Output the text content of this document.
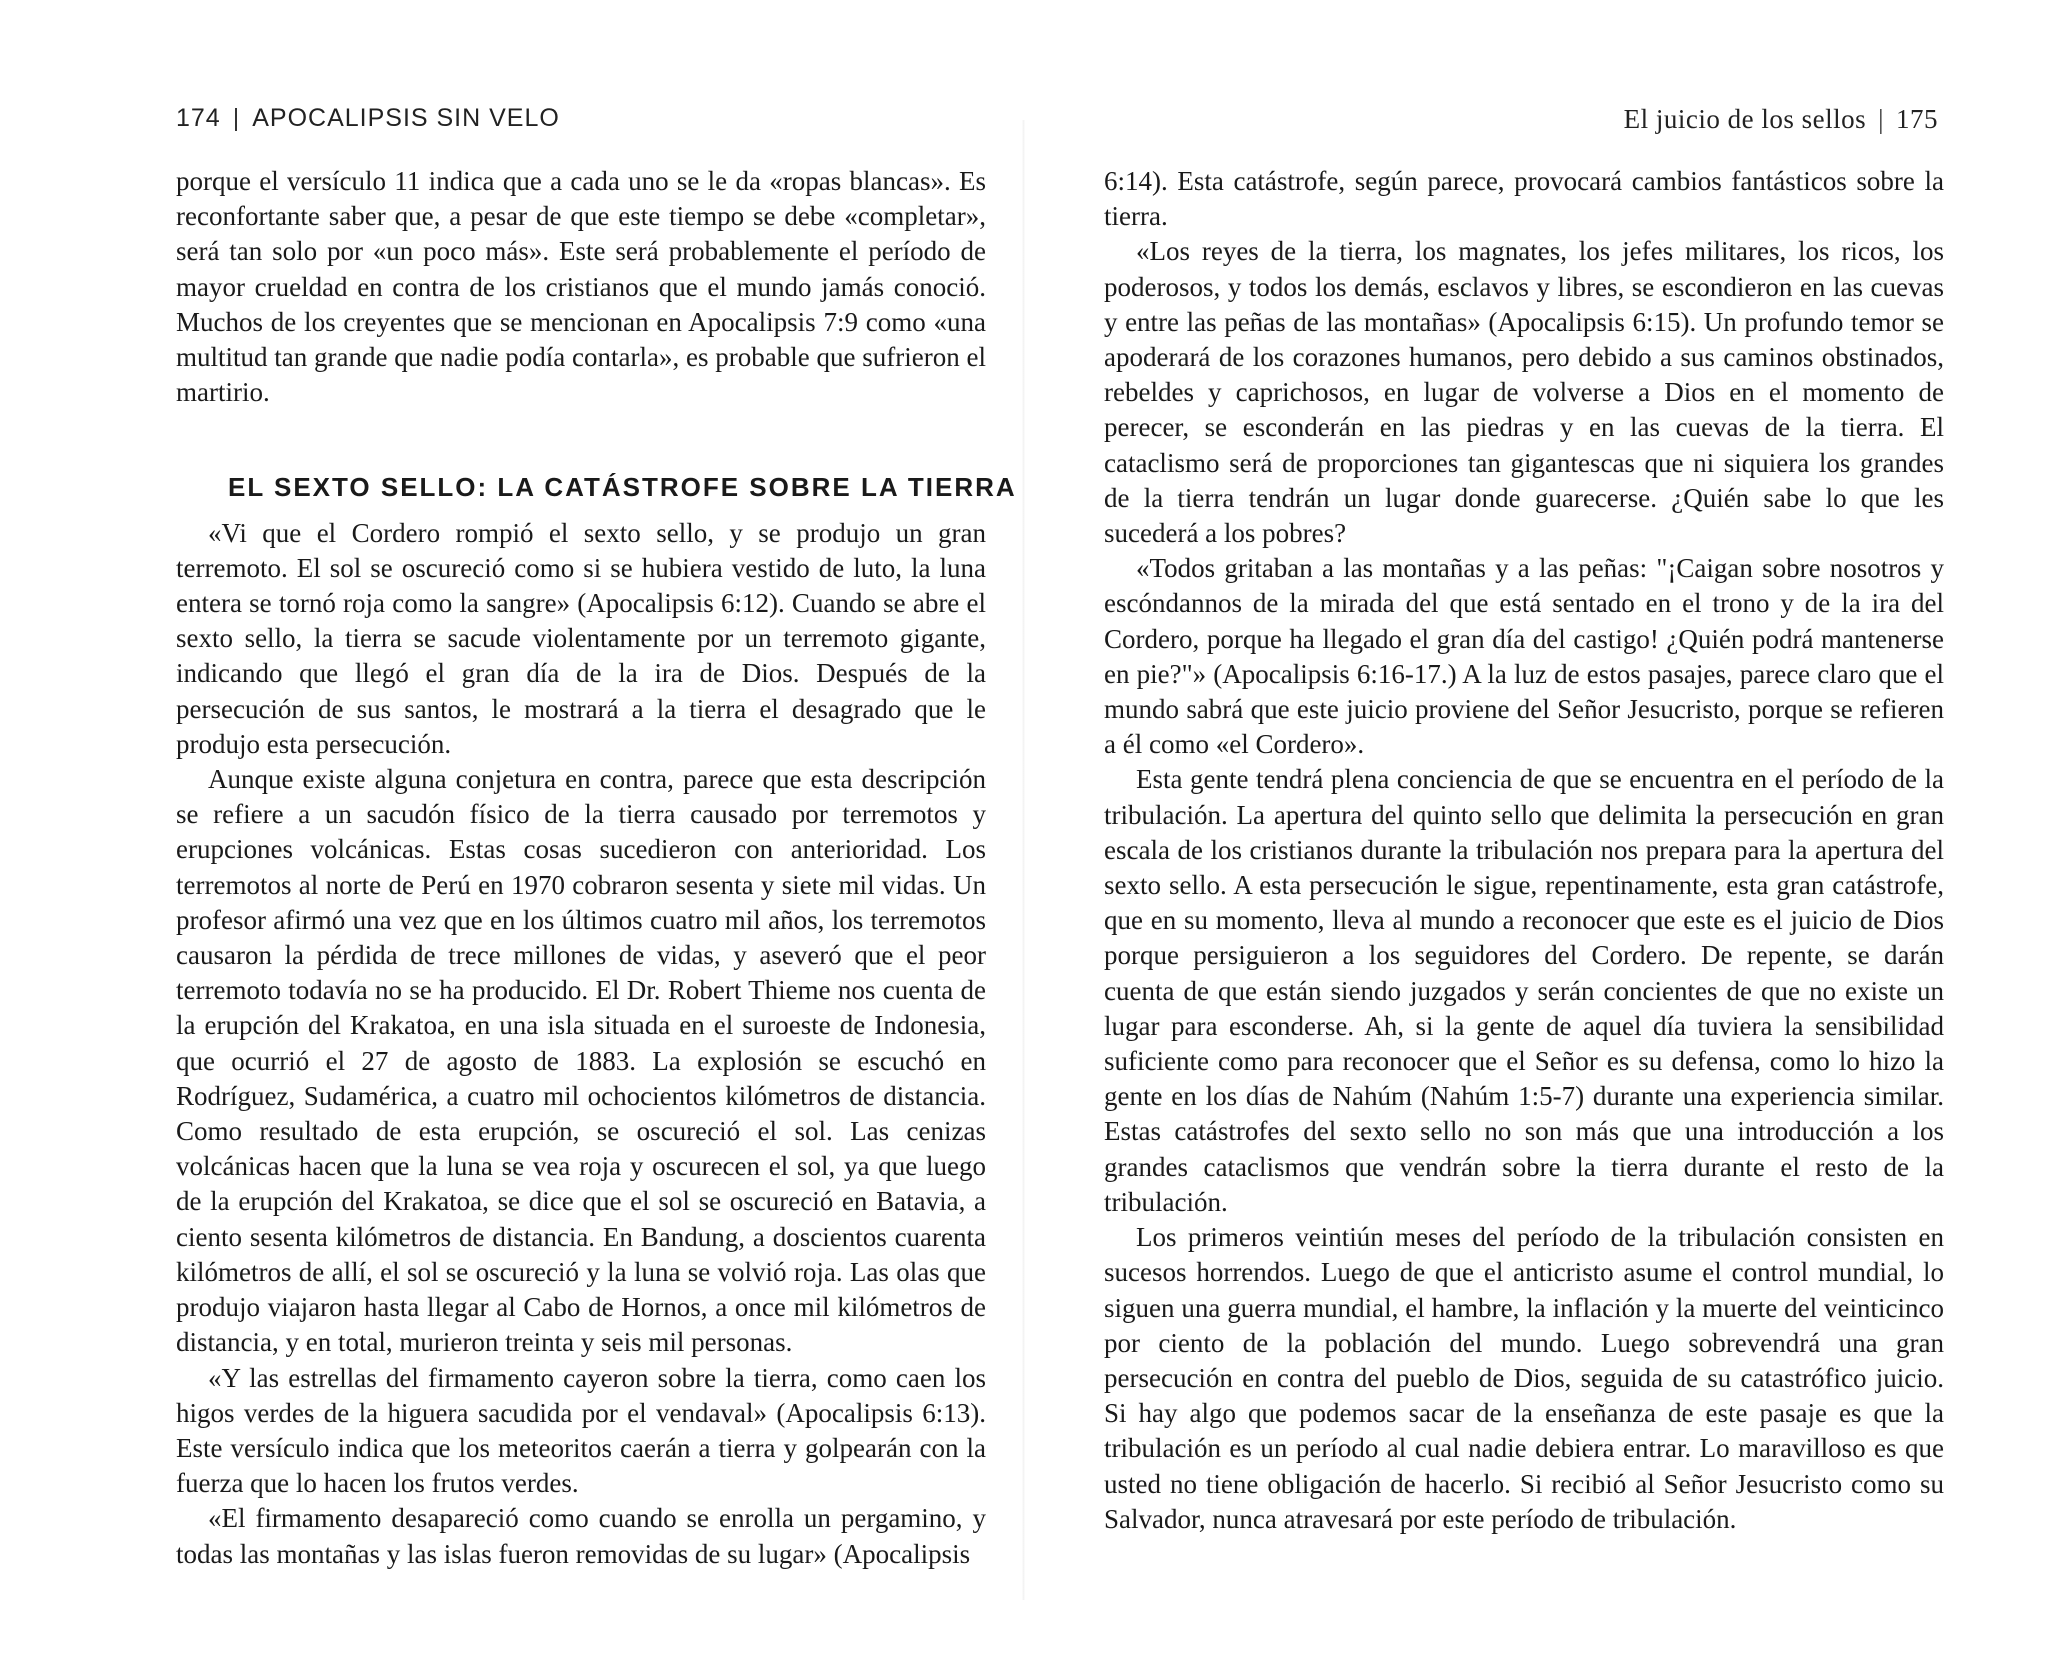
174 | APOCALIPSIS SIN VELO

porque el versículo 11 indica que a cada uno se le da «ropas blancas». Es reconfortante saber que, a pesar de que este tiempo se debe «completar», será tan solo por «un poco más». Este será probablemente el período de mayor crueldad en contra de los cristianos que el mundo jamás conoció. Muchos de los creyentes que se mencionan en Apocalipsis 7:9 como «una multitud tan grande que nadie podía contarla», es probable que sufrieron el martirio.

EL SEXTO SELLO: LA CATÁSTROFE SOBRE LA TIERRA

«Vi que el Cordero rompió el sexto sello, y se produjo un gran terremoto. El sol se oscureció como si se hubiera vestido de luto, la luna entera se tornó roja como la sangre» (Apocalipsis 6:12). Cuando se abre el sexto sello, la tierra se sacude violentamente por un terremoto gigante, indicando que llegó el gran día de la ira de Dios. Después de la persecución de sus santos, le mostrará a la tierra el desagrado que le produjo esta persecución.

Aunque existe alguna conjetura en contra, parece que esta descripción se refiere a un sacudón físico de la tierra causado por terremotos y erupciones volcánicas. Estas cosas sucedieron con anterioridad. Los terremotos al norte de Perú en 1970 cobraron sesenta y siete mil vidas. Un profesor afirmó una vez que en los últimos cuatro mil años, los terremotos causaron la pérdida de trece millones de vidas, y aseveró que el peor terremoto todavía no se ha producido. El Dr. Robert Thieme nos cuenta de la erupción del Krakatoa, en una isla situada en el suroeste de Indonesia, que ocurrió el 27 de agosto de 1883. La explosión se escuchó en Rodríguez, Sudamérica, a cuatro mil ochocientos kilómetros de distancia. Como resultado de esta erupción, se oscureció el sol. Las cenizas volcánicas hacen que la luna se vea roja y oscurecen el sol, ya que luego de la erupción del Krakatoa, se dice que el sol se oscureció en Batavia, a ciento sesenta kilómetros de distancia. En Bandung, a doscientos cuarenta kilómetros de allí, el sol se oscureció y la luna se volvió roja. Las olas que produjo viajaron hasta llegar al Cabo de Hornos, a once mil kilómetros de distancia, y en total, murieron treinta y seis mil personas.

«Y las estrellas del firmamento cayeron sobre la tierra, como caen los higos verdes de la higuera sacudida por el vendaval» (Apocalipsis 6:13). Este versículo indica que los meteoritos caerán a tierra y golpearán con la fuerza que lo hacen los frutos verdes.

«El firmamento desapareció como cuando se enrolla un pergamino, y todas las montañas y las islas fueron removidas de su lugar» (Apocalipsis

El juicio de los sellos | 175

6:14). Esta catástrofe, según parece, provocará cambios fantásticos sobre la tierra.

«Los reyes de la tierra, los magnates, los jefes militares, los ricos, los poderosos, y todos los demás, esclavos y libres, se escondieron en las cuevas y entre las peñas de las montañas» (Apocalipsis 6:15). Un profundo temor se apoderará de los corazones humanos, pero debido a sus caminos obstinados, rebeldes y caprichosos, en lugar de volverse a Dios en el momento de perecer, se esconderán en las piedras y en las cuevas de la tierra. El cataclismo será de proporciones tan gigantescas que ni siquiera los grandes de la tierra tendrán un lugar donde guarecerse. ¿Quién sabe lo que les sucederá a los pobres?

«Todos gritaban a las montañas y a las peñas: "¡Caigan sobre nosotros y escóndannos de la mirada del que está sentado en el trono y de la ira del Cordero, porque ha llegado el gran día del castigo! ¿Quién podrá mantenerse en pie?"» (Apocalipsis 6:16-17.) A la luz de estos pasajes, parece claro que el mundo sabrá que este juicio proviene del Señor Jesucristo, porque se refieren a él como «el Cordero».

Esta gente tendrá plena conciencia de que se encuentra en el período de la tribulación. La apertura del quinto sello que delimita la persecución en gran escala de los cristianos durante la tribulación nos prepara para la apertura del sexto sello. A esta persecución le sigue, repentinamente, esta gran catástrofe, que en su momento, lleva al mundo a reconocer que este es el juicio de Dios porque persiguieron a los seguidores del Cordero. De repente, se darán cuenta de que están siendo juzgados y serán concientes de que no existe un lugar para esconderse. Ah, si la gente de aquel día tuviera la sensibilidad suficiente como para reconocer que el Señor es su defensa, como lo hizo la gente en los días de Nahúm (Nahúm 1:5-7) durante una experiencia similar. Estas catástrofes del sexto sello no son más que una introducción a los grandes cataclismos que vendrán sobre la tierra durante el resto de la tribulación.

Los primeros veintiún meses del período de la tribulación consisten en sucesos horrendos. Luego de que el anticristo asume el control mundial, lo siguen una guerra mundial, el hambre, la inflación y la muerte del veinticinco por ciento de la población del mundo. Luego sobrevendrá una gran persecución en contra del pueblo de Dios, seguida de su catastrófico juicio. Si hay algo que podemos sacar de la enseñanza de este pasaje es que la tribulación es un período al cual nadie debiera entrar. Lo maravilloso es que usted no tiene obligación de hacerlo. Si recibió al Señor Jesucristo como su Salvador, nunca atravesará por este período de tribulación.
